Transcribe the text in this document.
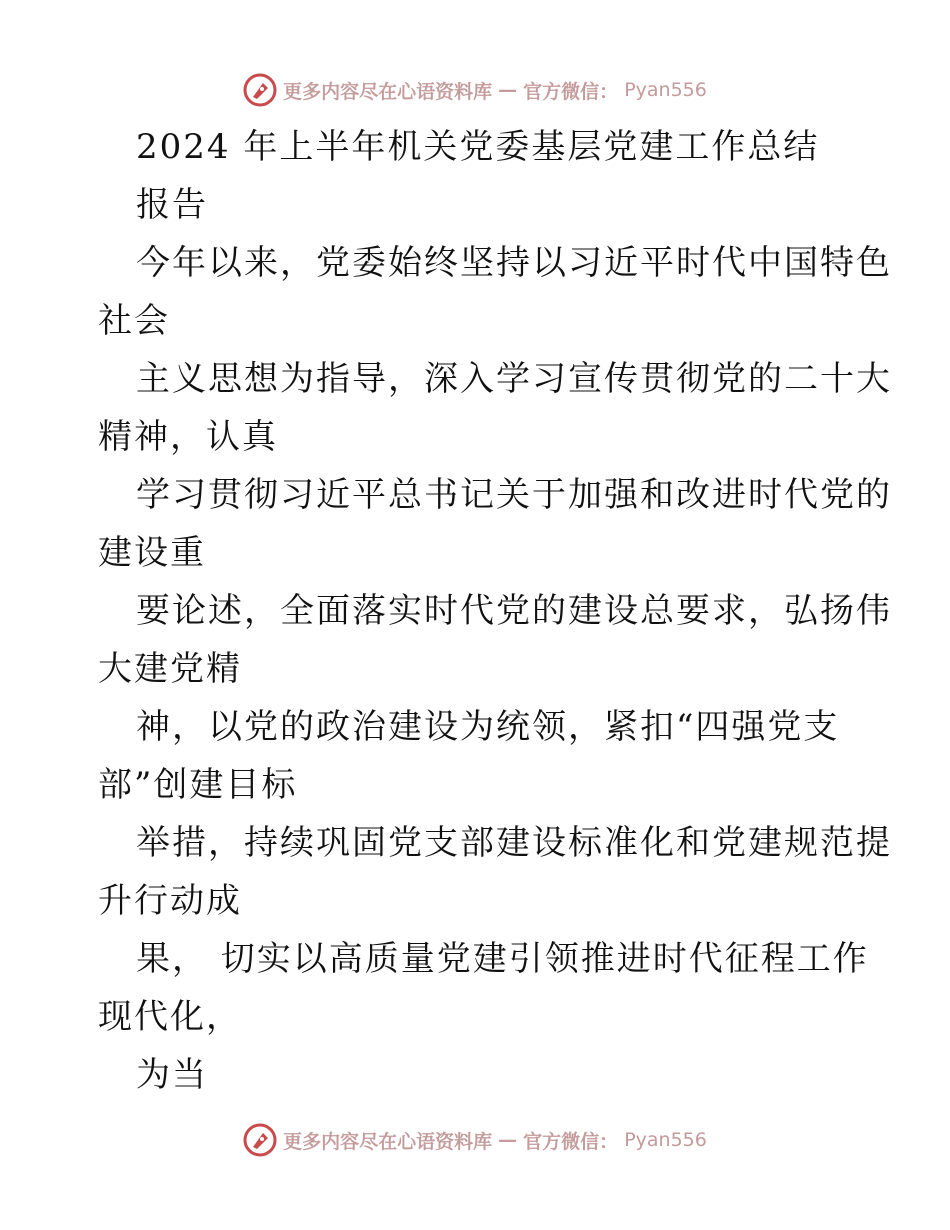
更多内容尽在心语资料库 — 官方微信： Pyan556
2024 年上半年机关党委基层党建工作总结
报告
今年以来，党委始终坚持以习近平时代中国特色
社会
主义思想为指导，深入学习宣传贯彻党的二十大
精神，认真
学习贯彻习近平总书记关于加强和改进时代党的
建设重
要论述，全面落实时代党的建设总要求，弘扬伟
大建党精
神，以党的政治建设为统领，紧扣“四强党支
部”创建目标
举措，持续巩固党支部建设标准化和党建规范提
升行动成
果， 切实以高质量党建引领推进时代征程工作
现代化，
为当
更多内容尽在心语资料库 — 官方微信： Pyan556
